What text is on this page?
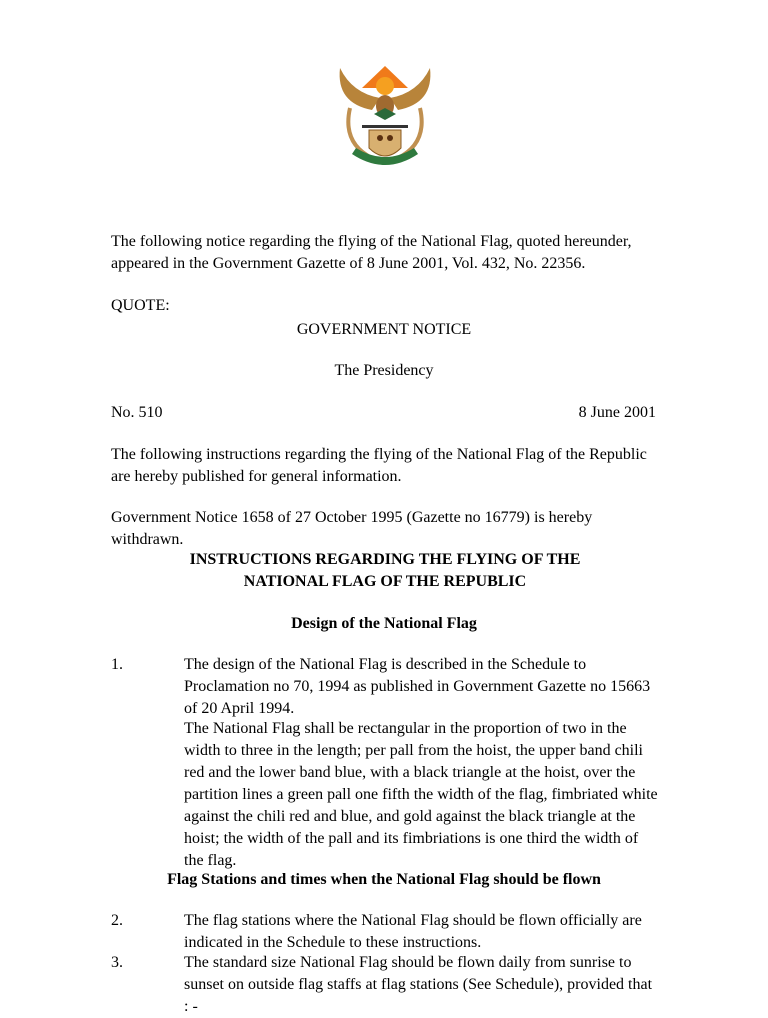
The following notice regarding the flying of the National Flag, quoted hereunder, appeared in the Government Gazette of 8 June 2001, Vol. 432, No. 22356.
QUOTE:
GOVERNMENT NOTICE
The Presidency
No. 510	8 June 2001
The following instructions regarding the flying of the National Flag of the Republic are hereby published for general information.
Government Notice 1658 of 27 October 1995 (Gazette no 16779) is hereby withdrawn.
INSTRUCTIONS REGARDING THE FLYING OF THE NATIONAL FLAG OF THE REPUBLIC
Design of the National Flag
1.	The design of the National Flag is described in the Schedule to Proclamation no 70, 1994 as published in Government Gazette no 15663 of 20 April 1994.
The National Flag shall be rectangular in the proportion of two in the width to three in the length; per pall from the hoist, the upper band chili red and the lower band blue, with a black triangle at the hoist, over the partition lines a green pall one fifth the width of the flag, fimbriated white against the chili red and blue, and gold against the black triangle at the hoist; the width of the pall and its fimbriations is one third the width of the flag.
Flag Stations and times when the National Flag should be flown
2.	The flag stations where the National Flag should be flown officially are indicated in the Schedule to these instructions.
3.	The standard size National Flag should be flown daily from sunrise to sunset on outside flag staffs at flag stations (See Schedule), provided that : -
